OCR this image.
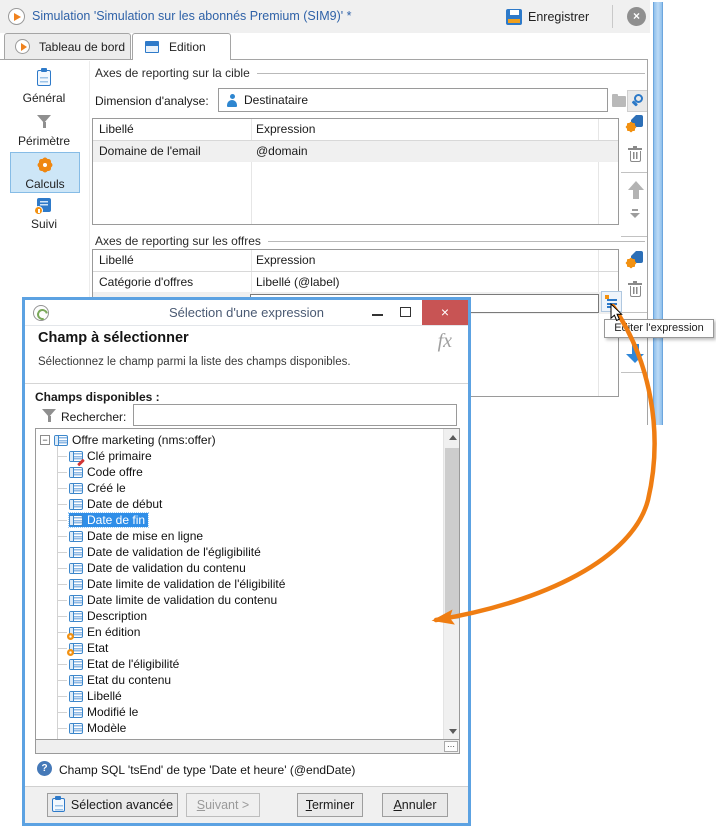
Simulation 'Simulation sur les abonnés Premium (SIM9)' *	Enregistrer	×
Tableau de bord	Edition
Général
Périmètre
Calculs
Suivi
Axes de reporting sur la cible
Dimension d'analyse:	Destinataire
Libellé	Expression
Domaine de l'email	@domain
Axes de reporting sur les offres
Libellé	Expression
Catégorie d'offres	Libellé (@label)
Editer l'expression
Sélection d'une expression	×
Champ à sélectionner	fx
Sélectionnez le champ parmi la liste des champs disponibles.
Champs disponibles :
Rechercher:
− Offre marketing (nms:offer)
Clé primaire
Code offre
Créé le
Date de début
Date de fin
Date de mise en ligne
Date de validation de l'égligibilité
Date de validation du contenu
Date limite de validation de l'éligibilité
Date limite de validation du contenu
Description
En édition
Etat
Etat de l'éligibilité
Etat du contenu
Libellé
Modifié le
Modèle
⋯
? Champ SQL 'tsEnd' de type 'Date et heure' (@endDate)
Sélection avancée Suivant >	Terminer	Annuler
